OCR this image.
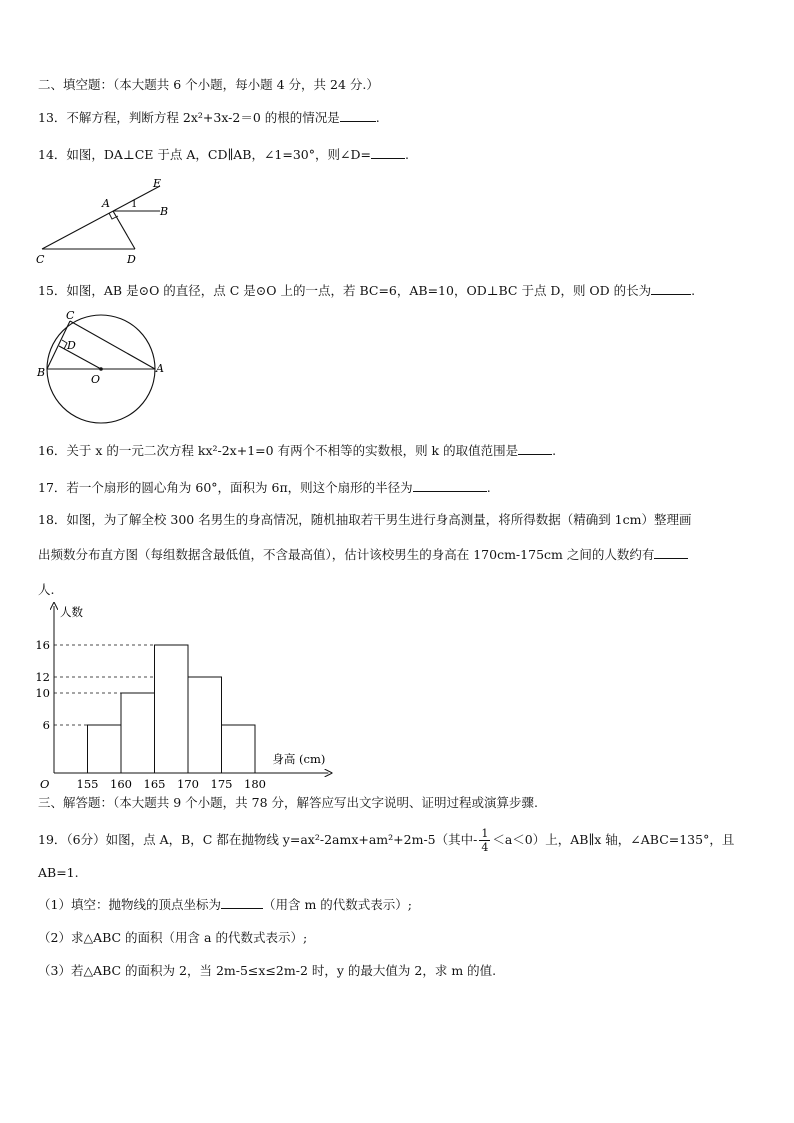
二、填空题：（本大题共 6 个小题，每小题 4 分，共 24 分.）
13．不解方程，判断方程 2x²+3x-2＝0 的根的情况是	.
14．如图，DA⊥CE 于点 A，CD∥AB，∠1=30°，则∠D=	.
E
A 1
B
C	D
15．如图，AB 是⊙O 的直径，点 C 是⊙O 上的一点，若 BC=6，AB=10，OD⊥BC 于点 D，则 OD 的长为	.
C
D
B
O
A
16．关于 x 的一元二次方程 kx²-2x+1=0 有两个不相等的实数根，则 k 的取值范围是	.
17．若一个扇形的圆心角为 60°，面积为 6π，则这个扇形的半径为	.
18．如图，为了解全校 300 名男生的身高情况，随机抽取若干男生进行身高测量，将所得数据（精确到 1cm）整理画
出频数分布直方图（每组数据含最低值，不含最高值），估计该校男生的身高在 170cm-175cm 之间的人数约有
人.
6
10
12
16
155 160 165 170 175 180
人数
身高 (cm)
O
三、解答题：（本大题共 9 个小题，共 78 分，解答应写出文字说明、证明过程或演算步骤.
19．（6分）如图，点 A，B，C 都在抛物线 y=ax²-2amx+am²+2m-5（其中- $\frac{1}{4} <a<0$）上，AB∥x 轴，∠ABC=135°，且
AB=1.
（1）填空：抛物线的顶点坐标为	（用含 m 的代数式表示）;
（2）求△ABC 的面积（用含 a 的代数式表示）;
（3）若△ABC 的面积为 2，当 2m-5≤x≤2m-2 时，y 的最大值为 2，求 m 的值.
